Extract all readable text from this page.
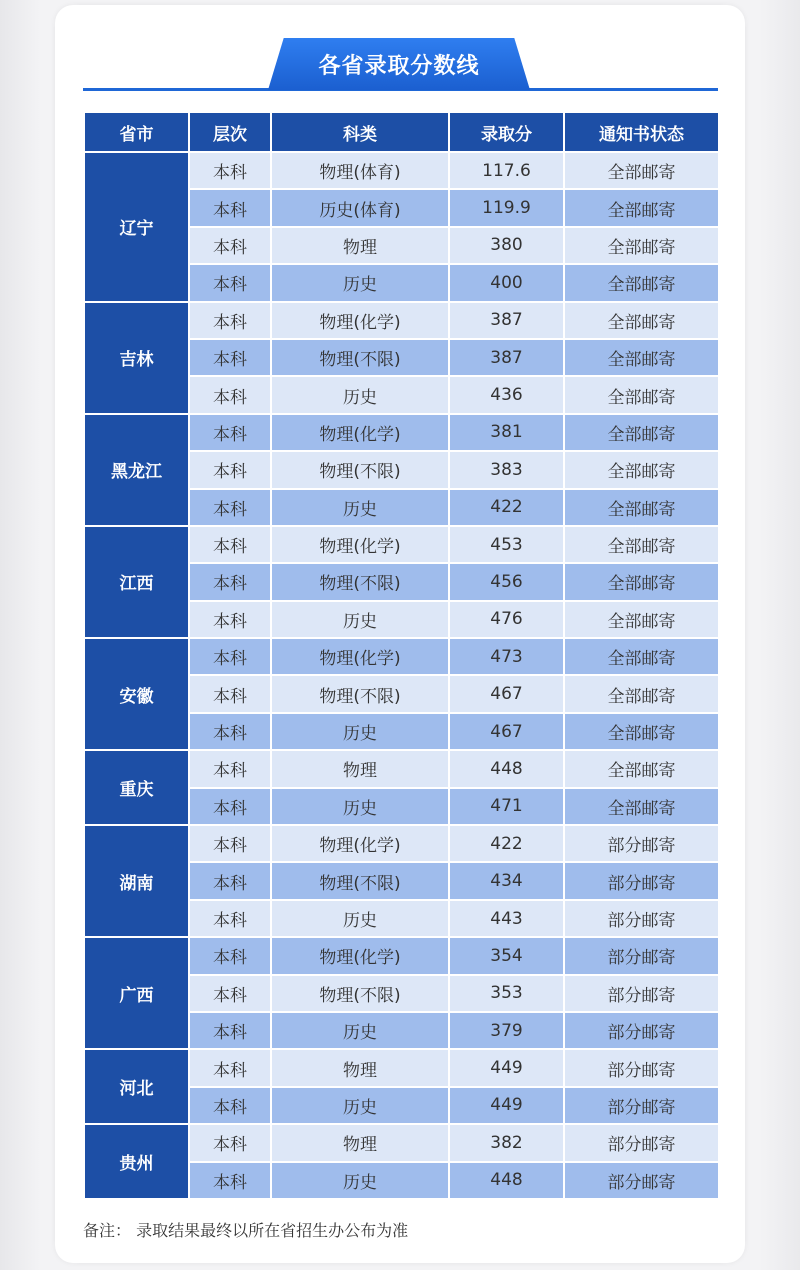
各省录取分数线
省市	层次	科类	录取分	通知书状态
辽宁	本科	物理(体育)	117.6	全部邮寄
	本科	历史(体育)	119.9	全部邮寄
	本科	物理	380	全部邮寄
	本科	历史	400	全部邮寄
吉林	本科	物理(化学)	387	全部邮寄
	本科	物理(不限)	387	全部邮寄
	本科	历史	436	全部邮寄
黑龙江	本科	物理(化学)	381	全部邮寄
	本科	物理(不限)	383	全部邮寄
	本科	历史	422	全部邮寄
江西	本科	物理(化学)	453	全部邮寄
	本科	物理(不限)	456	全部邮寄
	本科	历史	476	全部邮寄
安徽	本科	物理(化学)	473	全部邮寄
	本科	物理(不限)	467	全部邮寄
	本科	历史	467	全部邮寄
重庆	本科	物理	448	全部邮寄
	本科	历史	471	全部邮寄
湖南	本科	物理(化学)	422	部分邮寄
	本科	物理(不限)	434	部分邮寄
	本科	历史	443	部分邮寄
广西	本科	物理(化学)	354	部分邮寄
	本科	物理(不限)	353	部分邮寄
	本科	历史	379	部分邮寄
河北	本科	物理	449	部分邮寄
	本科	历史	449	部分邮寄
贵州	本科	物理	382	部分邮寄
	本科	历史	448	部分邮寄
备注： 录取结果最终以所在省招生办公布为准
